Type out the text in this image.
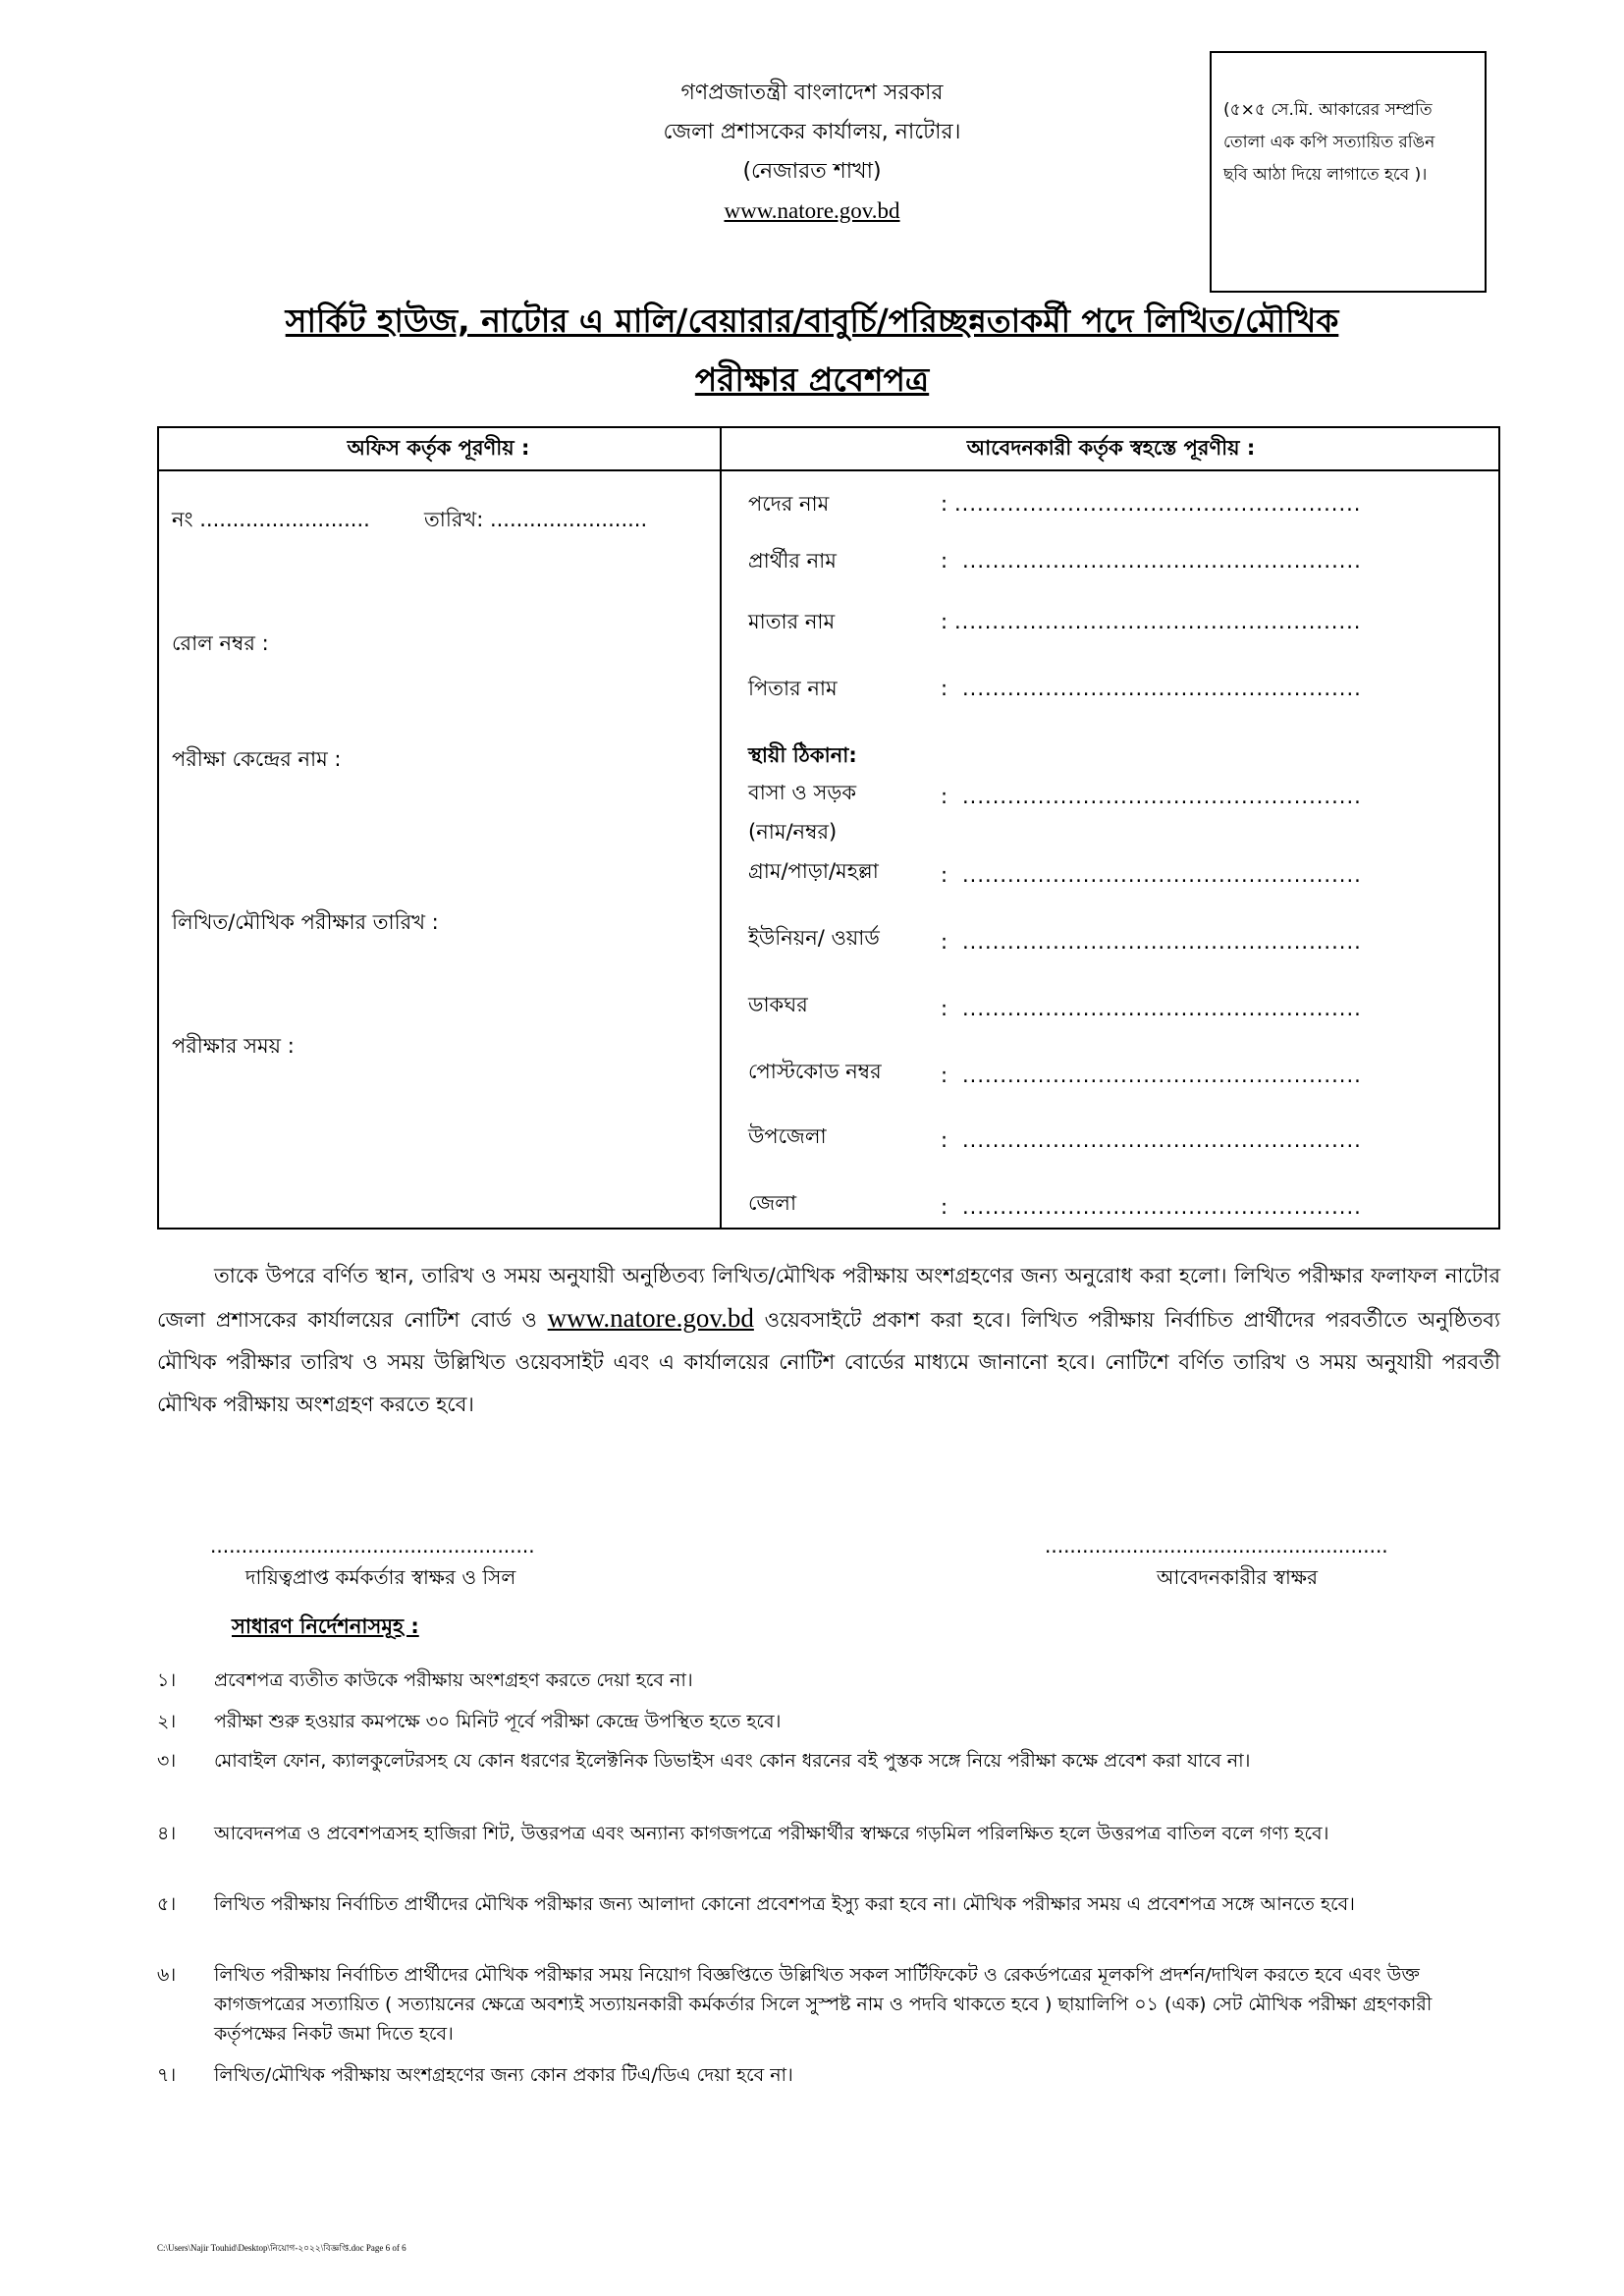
গণপ্রজাতন্ত্রী বাংলাদেশ সরকার
জেলা প্রশাসকের কার্যালয়, নাটোর।
(নেজারত শাখা)
www.natore.gov.bd
(৫×৫ সে.মি. আকারের সম্প্রতি
তোলা এক কপি সত্যায়িত রঙিন
ছবি আঠা দিয়ে লাগাতে হবে )।
সার্কিট হাউজ, নাটোর এ মালি/বেয়ারার/বাবুর্চি/পরিচ্ছন্নতাকর্মী পদে লিখিত/মৌখিক
পরীক্ষার প্রবেশপত্র
অফিস কর্তৃক পূরণীয় :	আবেদনকারী কর্তৃক স্বহস্তে পূরণীয় :
নং ..........................	তারিখ: ........................
রোল নম্বর :
পরীক্ষা কেন্দ্রের নাম :
লিখিত/মৌখিক পরীক্ষার তারিখ :
পরীক্ষার সময় :
পদের নাম	: ......................................................
প্রার্থীর নাম	: .....................................................
মাতার নাম	: ......................................................
পিতার নাম	: .....................................................
স্থায়ী ঠিকানা:
বাসা ও সড়ক	: .....................................................
(নাম/নম্বর)
গ্রাম/পাড়া/মহল্লা	: .....................................................
ইউনিয়ন/ ওয়ার্ড	: .....................................................
ডাকঘর	: .....................................................
পোস্টকোড নম্বর	: .....................................................
উপজেলা	: .....................................................
জেলা	: .....................................................
তাকে উপরে বর্ণিত স্থান, তারিখ ও সময় অনুযায়ী অনুষ্ঠিতব্য লিখিত/মৌখিক পরীক্ষায় অংশগ্রহণের জন্য অনুরোধ করা হলো। লিখিত পরীক্ষার ফলাফল নাটোর জেলা প্রশাসকের কার্যালয়ের নোটিশ বোর্ড ও www.natore.gov.bd ওয়েবসাইটে প্রকাশ করা হবে। লিখিত পরীক্ষায় নির্বাচিত প্রার্থীদের পরবর্তীতে অনুষ্ঠিতব্য মৌখিক পরীক্ষার তারিখ ও সময় উল্লিখিত ওয়েবসাইট এবং এ কার্যালয়ের নোটিশ বোর্ডের মাধ্যমে জানানো হবে। নোটিশে বর্ণিত তারিখ ও সময় অনুযায়ী পরবর্তী মৌখিক পরীক্ষায় অংশগ্রহণ করতে হবে।
....................................................
দায়িত্বপ্রাপ্ত কর্মকর্তার স্বাক্ষর ও সিল
.......................................................
আবেদনকারীর স্বাক্ষর
সাধারণ নির্দেশনাসমূহ :
১।	প্রবেশপত্র ব্যতীত কাউকে পরীক্ষায় অংশগ্রহণ করতে দেয়া হবে না।
২।	পরীক্ষা শুরু হওয়ার কমপক্ষে ৩০ মিনিট পূর্বে পরীক্ষা কেন্দ্রে উপস্থিত হতে হবে।
৩।	মোবাইল ফোন, ক্যালকুলেটরসহ যে কোন ধরণের ইলেক্টনিক ডিভাইস এবং কোন ধরনের বই পুস্তক সঙ্গে নিয়ে পরীক্ষা কক্ষে প্রবেশ করা যাবে না।
৪।	আবেদনপত্র ও প্রবেশপত্রসহ হাজিরা শিট, উত্তরপত্র এবং অন্যান্য কাগজপত্রে পরীক্ষার্থীর স্বাক্ষরে গড়মিল পরিলক্ষিত হলে উত্তরপত্র বাতিল বলে গণ্য হবে।
৫।	লিখিত পরীক্ষায় নির্বাচিত প্রার্থীদের মৌখিক পরীক্ষার জন্য আলাদা কোনো প্রবেশপত্র ইস্যু করা হবে না। মৌখিক পরীক্ষার সময় এ প্রবেশপত্র সঙ্গে আনতে হবে।
৬।	লিখিত পরীক্ষায় নির্বাচিত প্রার্থীদের মৌখিক পরীক্ষার সময় নিয়োগ বিজ্ঞপ্তিতে উল্লিখিত সকল সার্টিফিকেট ও রেকর্ডপত্রের মূলকপি প্রদর্শন/দাখিল করতে হবে এবং উক্ত কাগজপত্রের সত্যায়িত ( সত্যায়নের ক্ষেত্রে অবশ্যই সত্যায়নকারী কর্মকর্তার সিলে সুস্পষ্ট নাম ও পদবি থাকতে হবে ) ছায়ালিপি ০১ (এক) সেট মৌখিক পরীক্ষা গ্রহণকারী কর্তৃপক্ষের নিকট জমা দিতে হবে।
৭।	লিখিত/মৌখিক পরীক্ষায় অংশগ্রহণের জন্য কোন প্রকার টিএ/ডিএ দেয়া হবে না।
C:\Users\Najir Touhid\Desktop\নিয়োগ-২০২২\বিজ্ঞপ্তি.doc Page 6 of 6
